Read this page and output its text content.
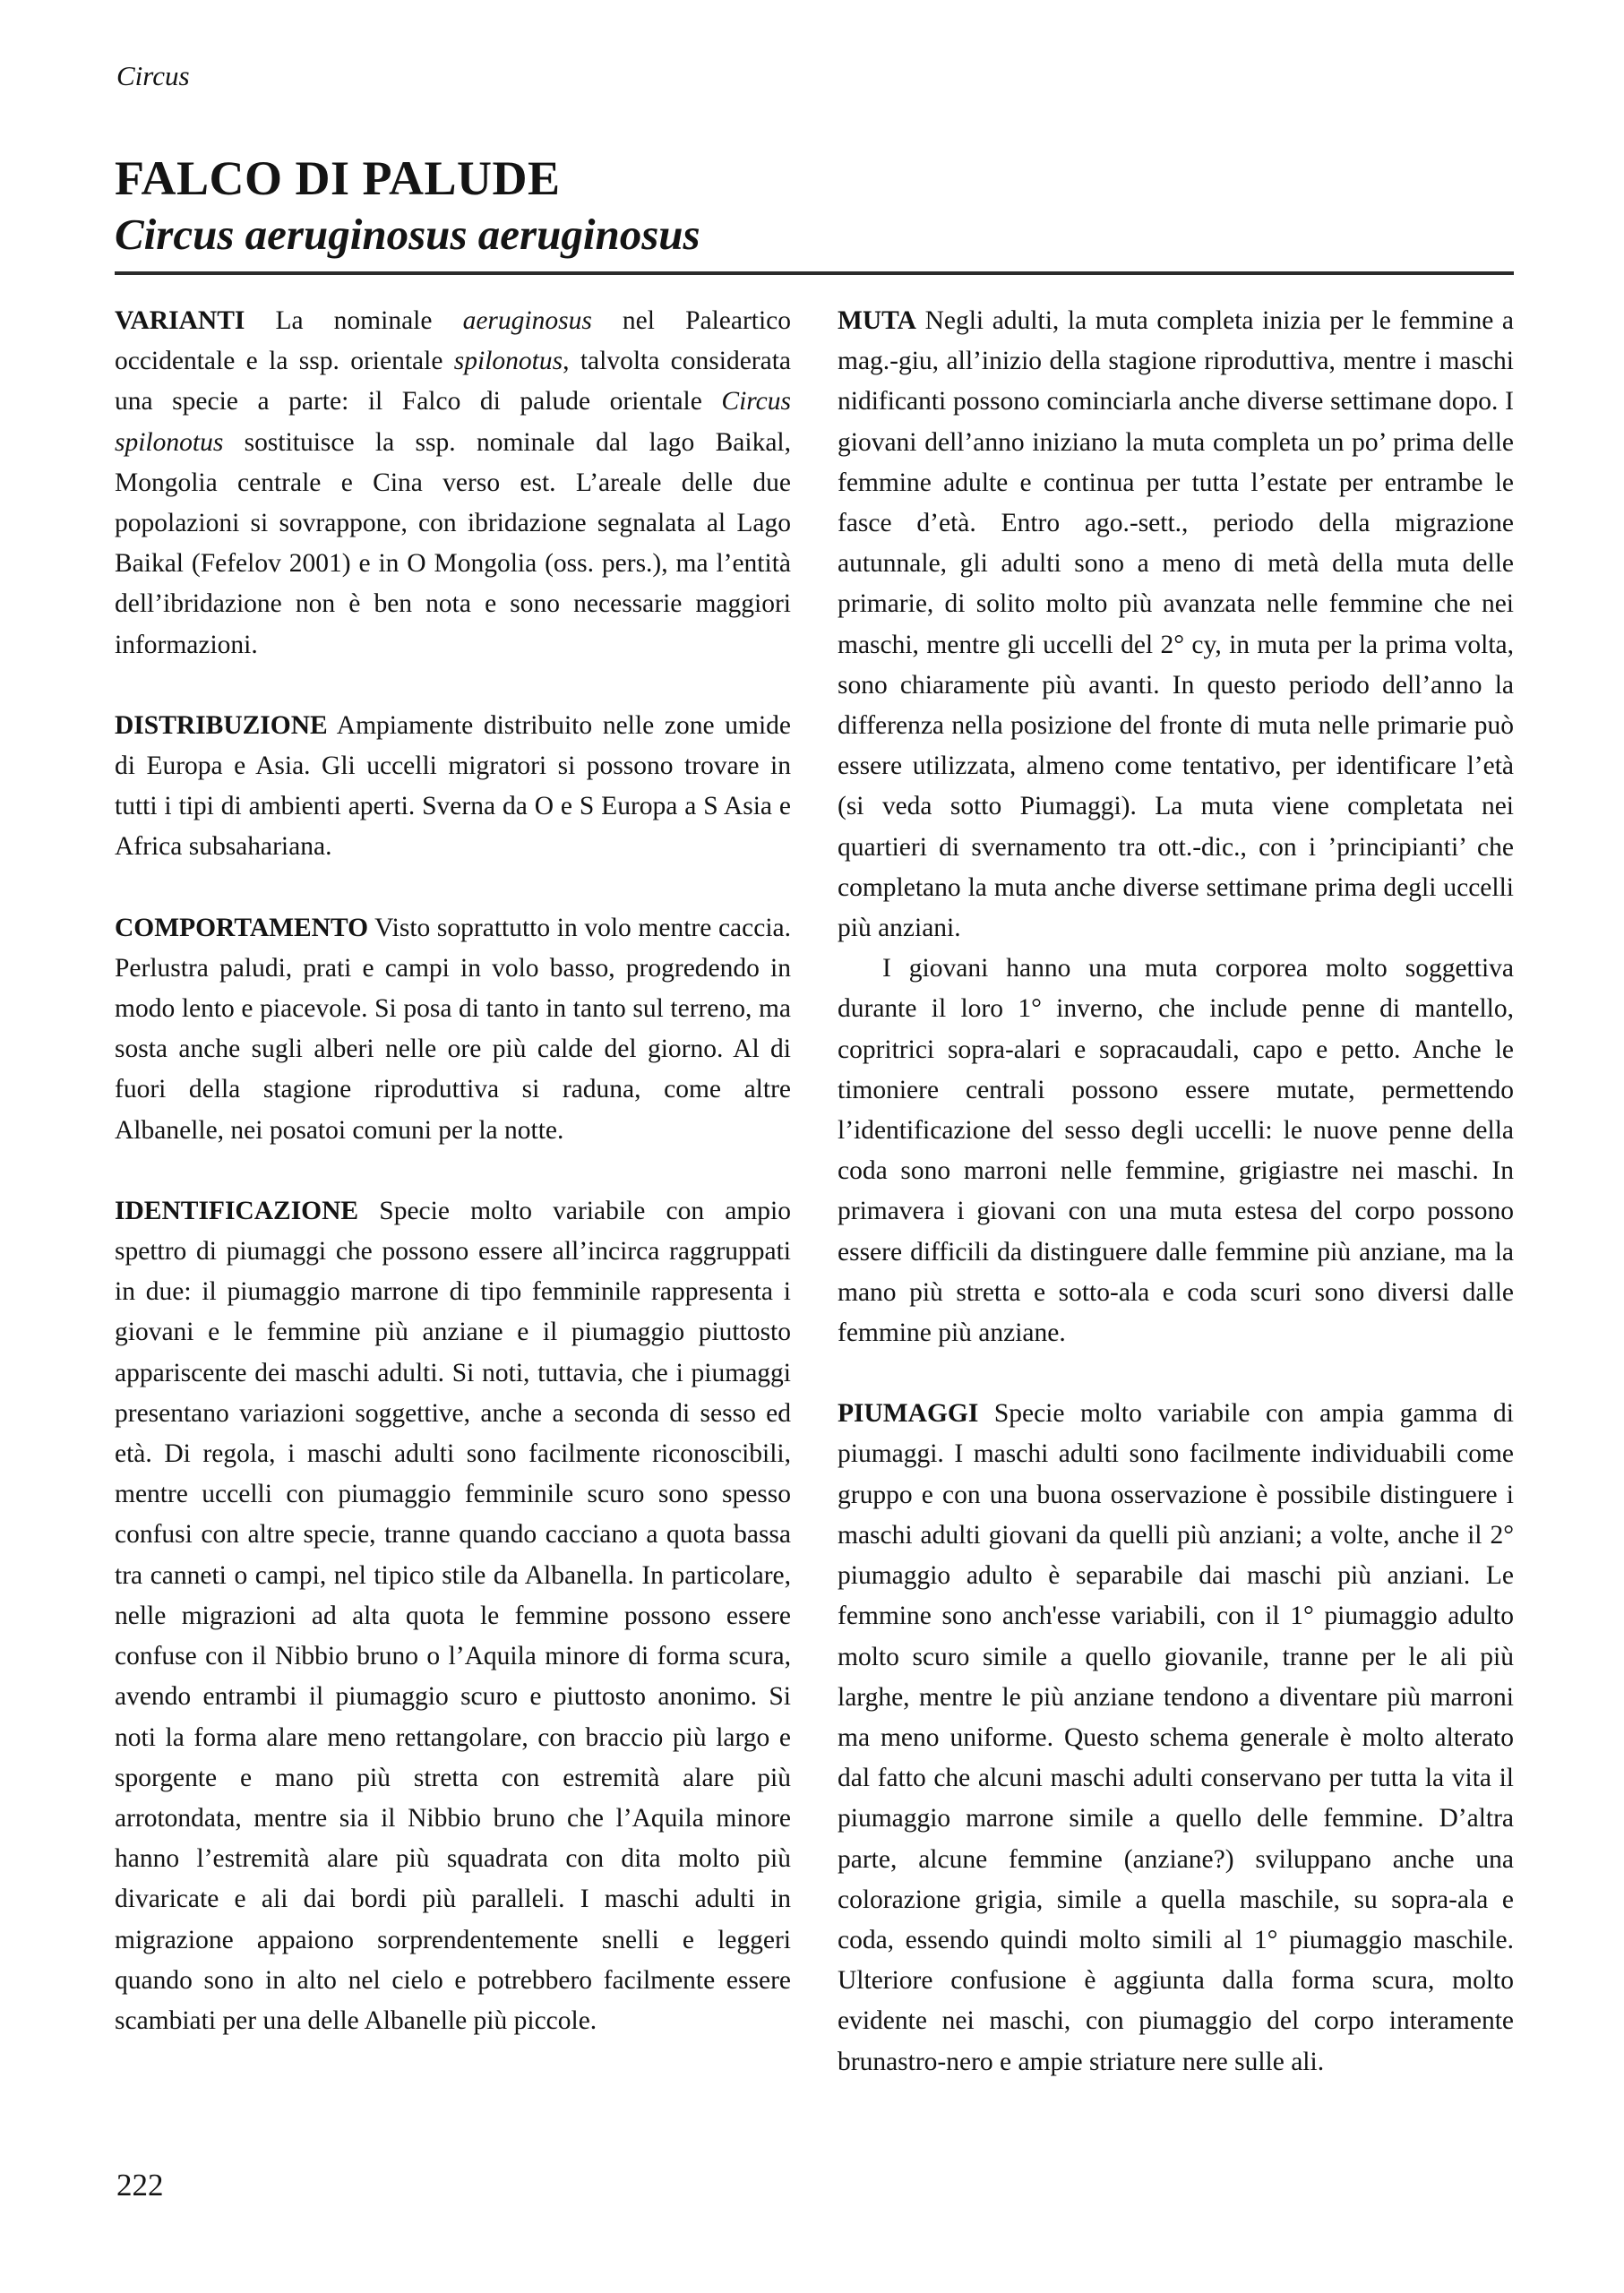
Circus
FALCO DI PALUDE
Circus aeruginosus aeruginosus

VARIANTI La nominale aeruginosus nel Paleartico occidentale e la ssp. orientale spilonotus, talvolta considerata una specie a parte: il Falco di palude orientale Circus spilonotus sostituisce la ssp. nominale dal lago Baikal, Mongolia centrale e Cina verso est. L’areale delle due popolazioni si sovrappone, con ibridazione segnalata al Lago Baikal (Fefelov 2001) e in O Mongolia (oss. pers.), ma l’entità dell’ibridazione non è ben nota e sono necessarie maggiori informazioni.

DISTRIBUZIONE Ampiamente distribuito nelle zone umide di Europa e Asia. Gli uccelli migratori si possono trovare in tutti i tipi di ambienti aperti. Sverna da O e S Europa a S Asia e Africa subsahariana.

COMPORTAMENTO Visto soprattutto in volo mentre caccia. Perlustra paludi, prati e campi in volo basso, progredendo in modo lento e piacevole. Si posa di tanto in tanto sul terreno, ma sosta anche sugli alberi nelle ore più calde del giorno. Al di fuori della stagione riproduttiva si raduna, come altre Albanelle, nei posatoi comuni per la notte.

IDENTIFICAZIONE Specie molto variabile con ampio spettro di piumaggi che possono essere all’incirca raggruppati in due: il piumaggio marrone di tipo femminile rappresenta i giovani e le femmine più anziane e il piumaggio piuttosto appariscente dei maschi adulti. Si noti, tuttavia, che i piumaggi presentano variazioni soggettive, anche a seconda di sesso ed età. Di regola, i maschi adulti sono facilmente riconoscibili, mentre uccelli con piumaggio femminile scuro sono spesso confusi con altre specie, tranne quando cacciano a quota bassa tra canneti o campi, nel tipico stile da Albanella. In particolare, nelle migrazioni ad alta quota le femmine possono essere confuse con il Nibbio bruno o l’Aquila minore di forma scura, avendo entrambi il piumaggio scuro e piuttosto anonimo. Si noti la forma alare meno rettangolare, con braccio più largo e sporgente e mano più stretta con estremità alare più arrotondata, mentre sia il Nibbio bruno che l’Aquila minore hanno l’estremità alare più squadrata con dita molto più divaricate e ali dai bordi più paralleli. I maschi adulti in migrazione appaiono sorprendentemente snelli e leggeri quando sono in alto nel cielo e potrebbero facilmente essere scambiati per una delle Albanelle più piccole.

MUTA Negli adulti, la muta completa inizia per le femmine a mag.-giu, all’inizio della stagione riproduttiva, mentre i maschi nidificanti possono cominciarla anche diverse settimane dopo. I giovani dell’anno iniziano la muta completa un po’ prima delle femmine adulte e continua per tutta l’estate per entrambe le fasce d’età. Entro ago.-sett., periodo della migrazione autunnale, gli adulti sono a meno di metà della muta delle primarie, di solito molto più avanzata nelle femmine che nei maschi, mentre gli uccelli del 2° cy, in muta per la prima volta, sono chiaramente più avanti. In questo periodo dell’anno la differenza nella posizione del fronte di muta nelle primarie può essere utilizzata, almeno come tentativo, per identificare l’età (si veda sotto Piumaggi). La muta viene completata nei quartieri di svernamento tra ott.-dic., con i ’principianti’ che completano la muta anche diverse settimane prima degli uccelli più anziani.

I giovani hanno una muta corporea molto soggettiva durante il loro 1° inverno, che include penne di mantello, copritrici sopra-alari e sopracaudali, capo e petto. Anche le timoniere centrali possono essere mutate, permettendo l’identificazione del sesso degli uccelli: le nuove penne della coda sono marroni nelle femmine, grigiastre nei maschi. In primavera i giovani con una muta estesa del corpo possono essere difficili da distinguere dalle femmine più anziane, ma la mano più stretta e sotto-ala e coda scuri sono diversi dalle femmine più anziane.

PIUMAGGI Specie molto variabile con ampia gamma di piumaggi. I maschi adulti sono facilmente individuabili come gruppo e con una buona osservazione è possibile distinguere i maschi adulti giovani da quelli più anziani; a volte, anche il 2° piumaggio adulto è separabile dai maschi più anziani. Le femmine sono anch'esse variabili, con il 1° piumaggio adulto molto scuro simile a quello giovanile, tranne per le ali più larghe, mentre le più anziane tendono a diventare più marroni ma meno uniforme. Questo schema generale è molto alterato dal fatto che alcuni maschi adulti conservano per tutta la vita il piumaggio marrone simile a quello delle femmine. D’altra parte, alcune femmine (anziane?) sviluppano anche una colorazione grigia, simile a quella maschile, su sopra-ala e coda, essendo quindi molto simili al 1° piumaggio maschile. Ulteriore confusione è aggiunta dalla forma scura, molto evidente nei maschi, con piumaggio del corpo interamente brunastro-nero e ampie striature nere sulle ali.

222
